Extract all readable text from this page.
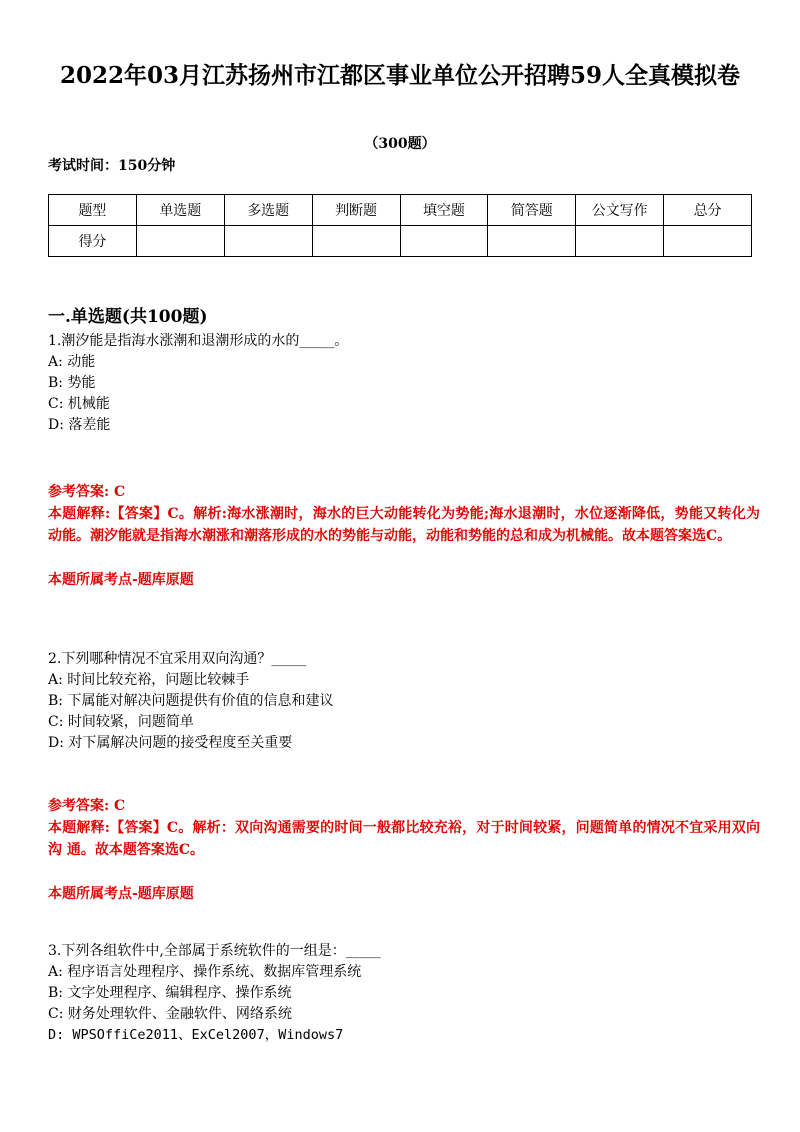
2022年03月江苏扬州市江都区事业单位公开招聘59人全真模拟卷
（300题）
考试时间：150分钟
题型	单选题	多选题	判断题	填空题	简答题	公文写作	总分
得分							
一.单选题(共100题)
1.潮汐能是指海水涨潮和退潮形成的水的_____。
A: 动能
B: 势能
C: 机械能
D: 落差能
参考答案: C
本题解释:【答案】C。解析:海水涨潮时，海水的巨大动能转化为势能;海水退潮时，水位逐渐降低，势能又转化为动能。潮汐能就是指海水潮涨和潮落形成的水的势能与动能，动能和势能的总和成为机械能。故本题答案选C。
本题所属考点-题库原题
2.下列哪种情况不宜采用双向沟通？_____
A: 时间比较充裕，问题比较棘手
B: 下属能对解决问题提供有价值的信息和建议
C: 时间较紧，问题简单
D: 对下属解决问题的接受程度至关重要
参考答案: C
本题解释:【答案】C。解析：双向沟通需要的时间一般都比较充裕，对于时间较紧，问题简单的情况不宜采用双向沟 通。故本题答案选C。
本题所属考点-题库原题
3.下列各组软件中,全部属于系统软件的一组是：_____
A: 程序语言处理程序、操作系统、数据库管理系统
B: 文字处理程序、编辑程序、操作系统
C: 财务处理软件、金融软件、网络系统
D: WPSOffiCe2011、ExCel2007，Windows7
